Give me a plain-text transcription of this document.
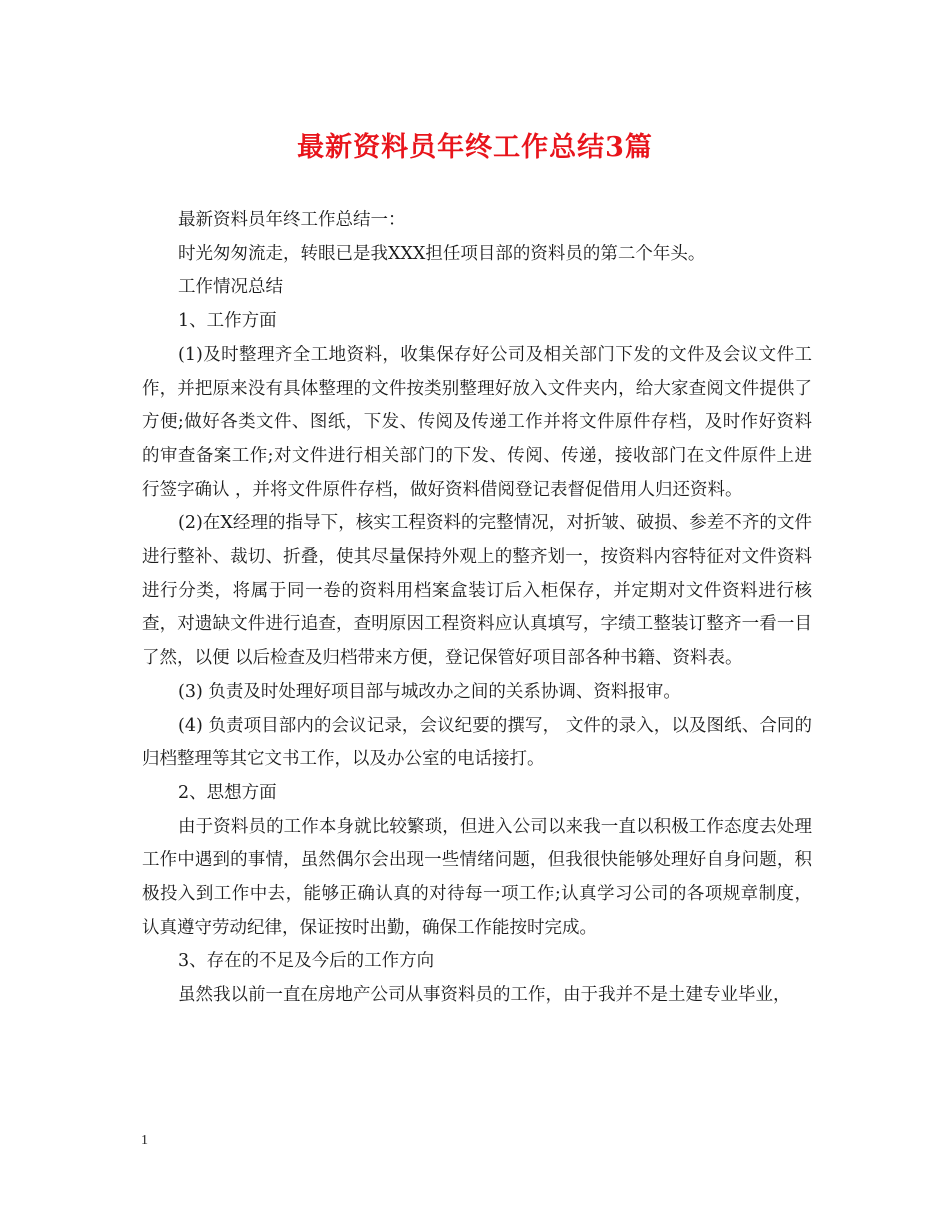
最新资料员年终工作总结3篇

最新资料员年终工作总结一：

时光匆匆流走，转眼已是我XXX担任项目部的资料员的第二个年头。

工作情况总结

1、工作方面

(1)及时整理齐全工地资料，收集保存好公司及相关部门下发的文件及会议文件工作，并把原来没有具体整理的文件按类别整理好放入文件夹内，给大家查阅文件提供了方便;做好各类文件、图纸，下发、传阅及传递工作并将文件原件存档，及时作好资料的审查备案工作;对文件进行相关部门的下发、传阅、传递，接收部门在文件原件上进行签字确认 ，并将文件原件存档，做好资料借阅登记表督促借用人归还资料。

(2)在X经理的指导下，核实工程资料的完整情况，对折皱、破损、参差不齐的文件进行整补、裁切、折叠，使其尽量保持外观上的整齐划一，按资料内容特征对文件资料进行分类，将属于同一卷的资料用档案盒装订后入柜保存，并定期对文件资料进行核查，对遗缺文件进行追查，查明原因工程资料应认真填写，字绩工整装订整齐一看一目了然，以便 以后检查及归档带来方便，登记保管好项目部各种书籍、资料表。

(3) 负责及时处理好项目部与城改办之间的关系协调、资料报审。

(4) 负责项目部内的会议记录，会议纪要的撰写， 文件的录入，以及图纸、合同的归档整理等其它文书工作，以及办公室的电话接打。

2、思想方面

由于资料员的工作本身就比较繁琐，但进入公司以来我一直以积极工作态度去处理工作中遇到的事情，虽然偶尔会出现一些情绪问题，但我很快能够处理好自身问题，积极投入到工作中去，能够正确认真的对待每一项工作;认真学习公司的各项规章制度，认真遵守劳动纪律，保证按时出勤，确保工作能按时完成。

3、存在的不足及今后的工作方向

虽然我以前一直在房地产公司从事资料员的工作，由于我并不是土建专业毕业，

1
